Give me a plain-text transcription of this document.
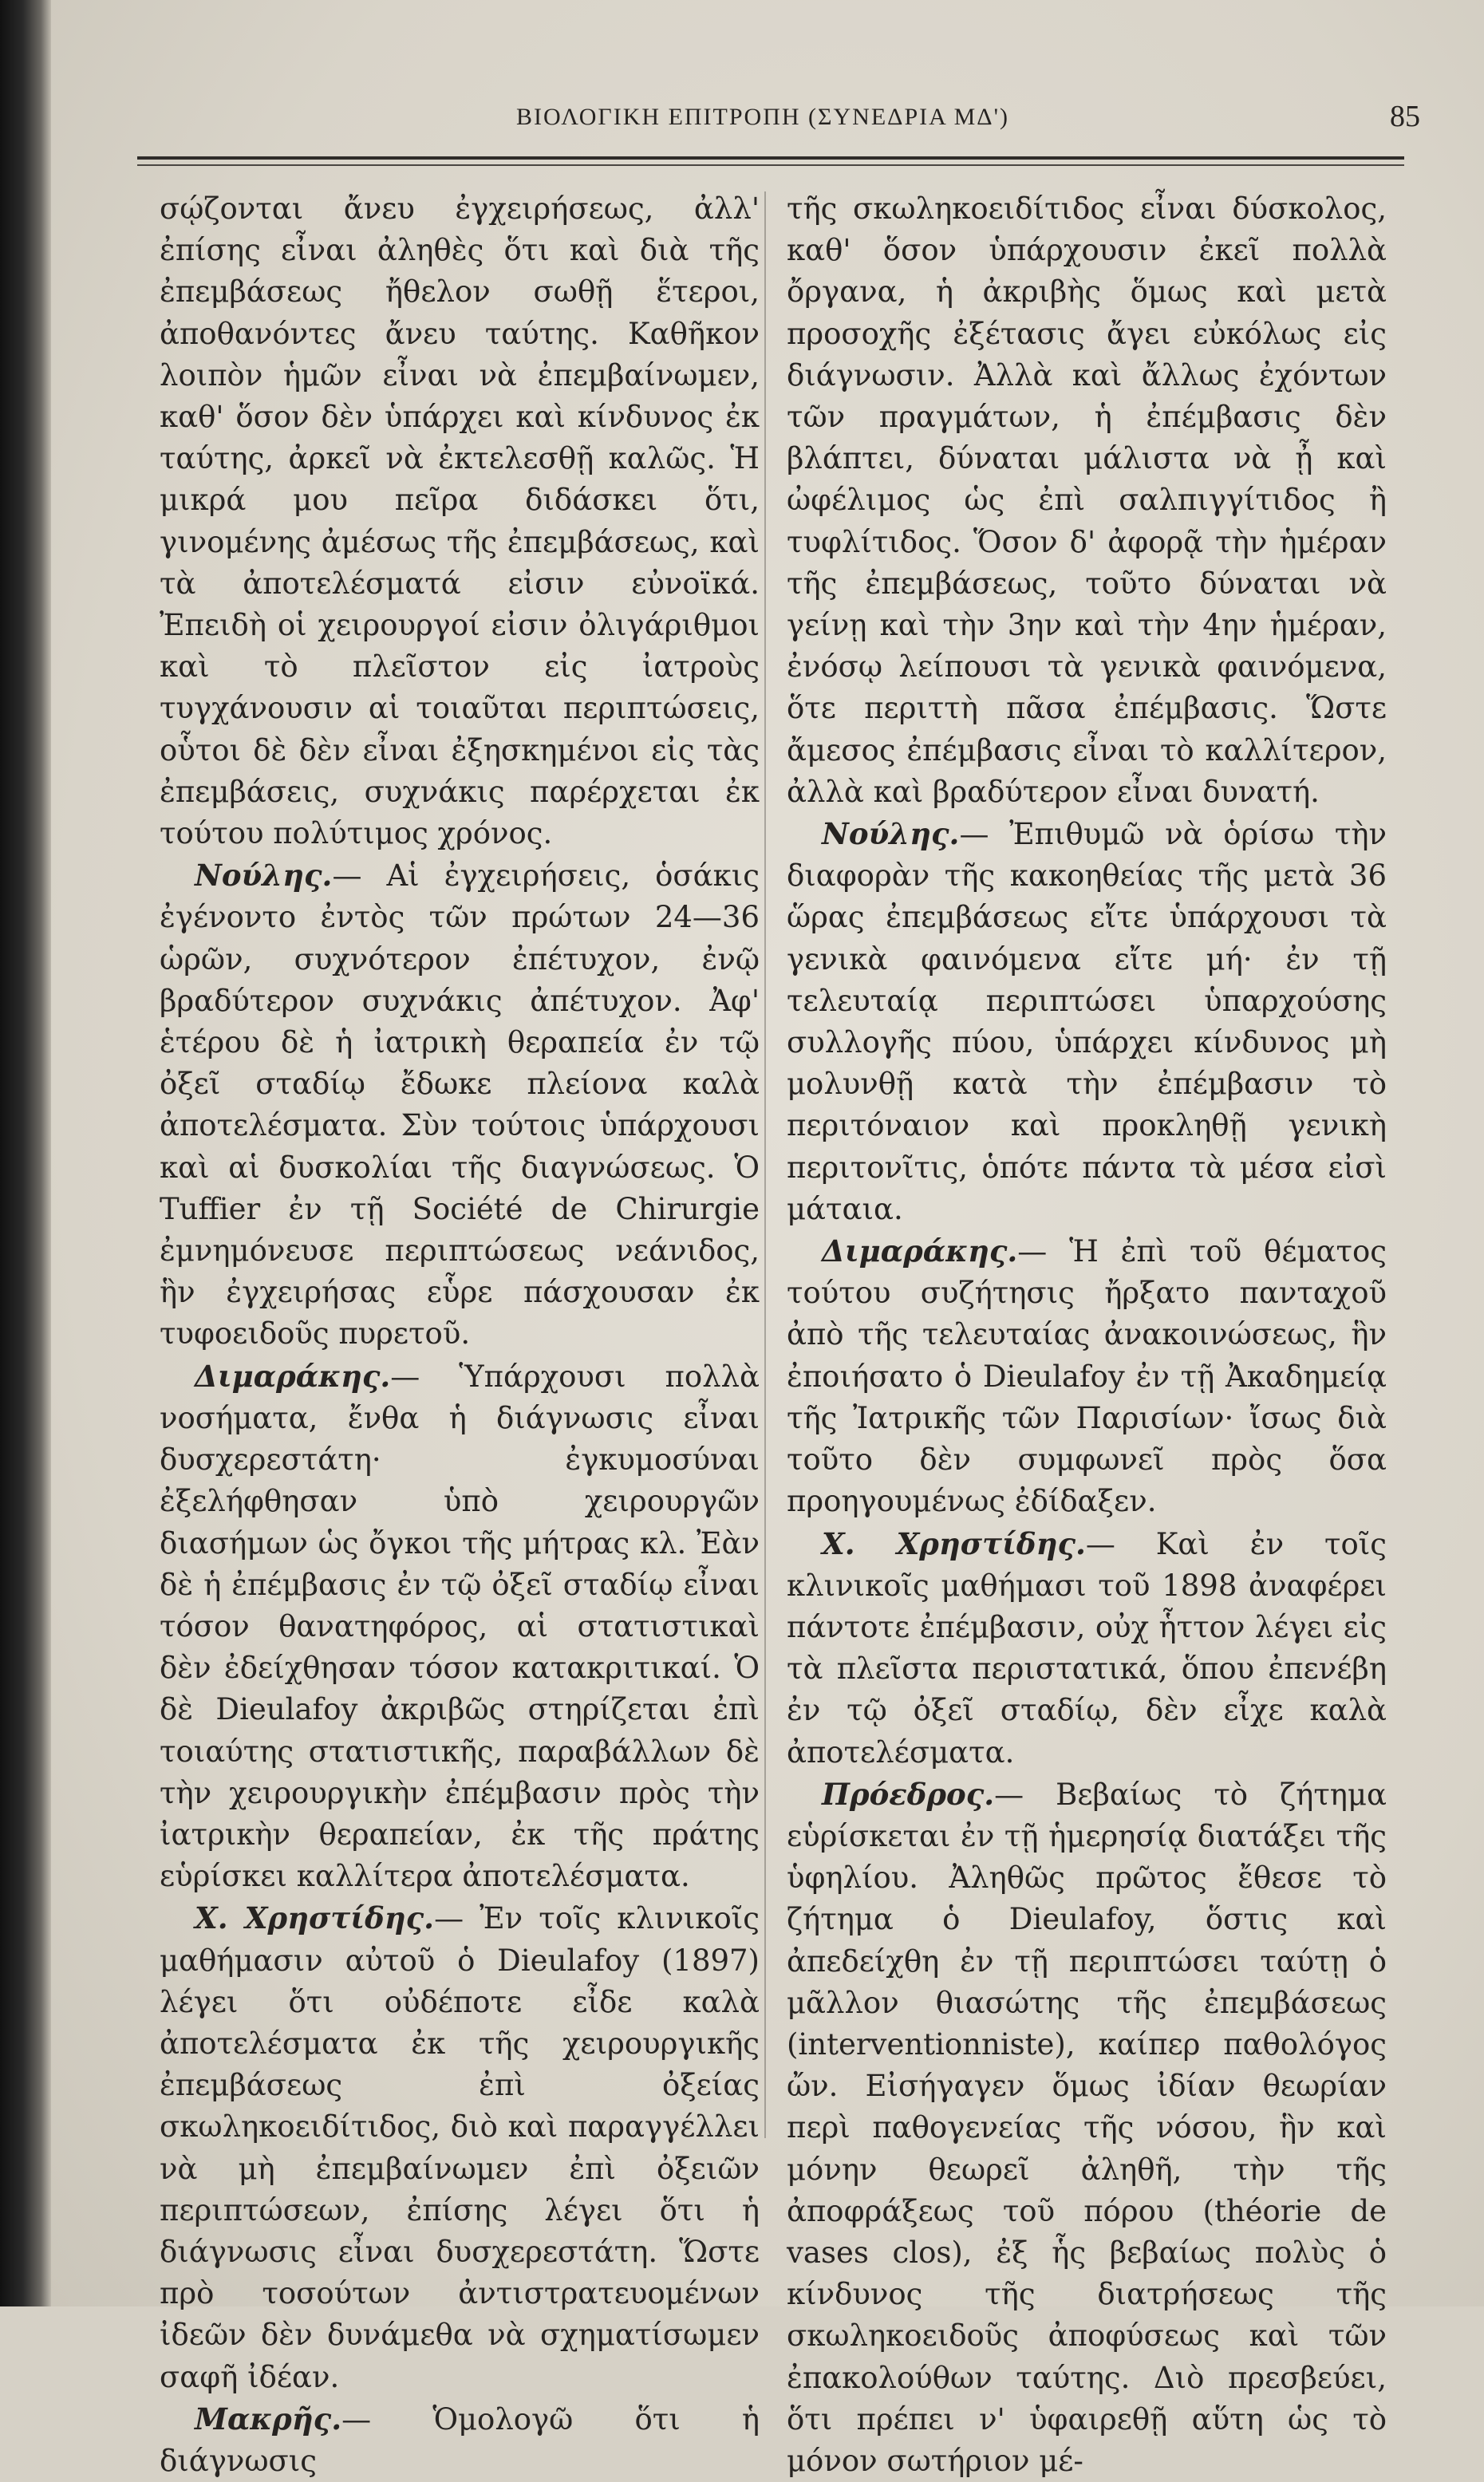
ΒΙΟΛΟΓΙΚΗ ΕΠΙΤΡΟΠΗ (ΣΥΝΕΔΡΙΑ ΜΔ')	85

σῴζονται ἄνευ ἐγχειρήσεως, ἀλλ' ἐπίσης εἶναι ἀληθὲς ὅτι καὶ διὰ τῆς ἐπεμβάσεως ἤθελον σωθῇ ἕτεροι, ἀποθανόντες ἄνευ ταύτης. Καθῆκον λοιπὸν ἡμῶν εἶναι νὰ ἐπεμβαίνωμεν, καθ' ὅσον δὲν ὑπάρχει καὶ κίνδυνος ἐκ ταύτης, ἀρκεῖ νὰ ἐκτελεσθῇ καλῶς. Ἡ μικρά μου πεῖρα διδάσκει ὅτι, γινομένης ἀμέσως τῆς ἐπεμβάσεως, καὶ τὰ ἀποτελέσματά εἰσιν εὐνοϊκά. Ἐπειδὴ οἱ χειρουργοί εἰσιν ὀλιγάριθμοι καὶ τὸ πλεῖστον εἰς ἰατροὺς τυγχάνουσιν αἱ τοιαῦται περιπτώσεις, οὗτοι δὲ δὲν εἶναι ἐξησκημένοι εἰς τὰς ἐπεμβάσεις, συχνάκις παρέρχεται ἐκ τούτου πολύτιμος χρόνος.

Νούλης.— Αἱ ἐγχειρήσεις, ὁσάκις ἐγένοντο ἐντὸς τῶν πρώτων 24—36 ὡρῶν, συχνότερον ἐπέτυχον, ἐνῷ βραδύτερον συχνάκις ἀπέτυχον. Ἀφ' ἑτέρου δὲ ἡ ἰατρικὴ θεραπεία ἐν τῷ ὀξεῖ σταδίῳ ἔδωκε πλείονα καλὰ ἀποτελέσματα. Σὺν τούτοις ὑπάρχουσι καὶ αἱ δυσκολίαι τῆς διαγνώσεως. Ὁ Tuffier ἐν τῇ Société de Chirurgie ἐμνημόνευσε περιπτώσεως νεάνιδος, ἣν ἐγχειρήσας εὗρε πάσχουσαν ἐκ τυφοειδοῦς πυρετοῦ.

Διμαράκης.— Ὑπάρχουσι πολλὰ νοσήματα, ἔνθα ἡ διάγνωσις εἶναι δυσχερεστάτη· ἐγκυμοσύναι ἐξελήφθησαν ὑπὸ χειρουργῶν διασήμων ὡς ὄγκοι τῆς μήτρας κλ. Ἐὰν δὲ ἡ ἐπέμβασις ἐν τῷ ὀξεῖ σταδίῳ εἶναι τόσον θανατηφόρος, αἱ στατιστικαὶ δὲν ἐδείχθησαν τόσον κατακριτικαί. Ὁ δὲ Dieulafoy ἀκριβῶς στηρίζεται ἐπὶ τοιαύτης στατιστικῆς, παραβάλλων δὲ τὴν χειρουργικὴν ἐπέμβασιν πρὸς τὴν ἰατρικὴν θεραπείαν, ἐκ τῆς πράτης εὑρίσκει καλλίτερα ἀποτελέσματα.

Χ. Χρηστίδης.— Ἐν τοῖς κλινικοῖς μαθήμασιν αὐτοῦ ὁ Dieulafoy (1897) λέγει ὅτι οὐδέποτε εἶδε καλὰ ἀποτελέσματα ἐκ τῆς χειρουργικῆς ἐπεμβάσεως ἐπὶ ὀξείας σκωληκοειδίτιδος, διὸ καὶ παραγγέλλει νὰ μὴ ἐπεμβαίνωμεν ἐπὶ ὀξειῶν περιπτώσεων, ἐπίσης λέγει ὅτι ἡ διάγνωσις εἶναι δυσχερεστάτη. Ὥστε πρὸ τοσούτων ἀντιστρατευομένων ἰδεῶν δὲν δυνάμεθα νὰ σχηματίσωμεν σαφῆ ἰδέαν.

Μακρῆς.— Ὁμολογῶ ὅτι ἡ διάγνωσις

τῆς σκωληκοειδίτιδος εἶναι δύσκολος, καθ' ὅσον ὑπάρχουσιν ἐκεῖ πολλὰ ὄργανα, ἡ ἀκριβὴς ὅμως καὶ μετὰ προσοχῆς ἐξέτασις ἄγει εὐκόλως εἰς διάγνωσιν. Ἀλλὰ καὶ ἄλλως ἐχόντων τῶν πραγμάτων, ἡ ἐπέμβασις δὲν βλάπτει, δύναται μάλιστα νὰ ᾖ καὶ ὠφέλιμος ὡς ἐπὶ σαλπιγγίτιδος ἢ τυφλίτιδος. Ὅσον δ' ἀφορᾷ τὴν ἡμέραν τῆς ἐπεμβάσεως, τοῦτο δύναται νὰ γείνῃ καὶ τὴν 3ην καὶ τὴν 4ην ἡμέραν, ἐνόσῳ λείπουσι τὰ γενικὰ φαινόμενα, ὅτε περιττὴ πᾶσα ἐπέμβασις. Ὥστε ἄμεσος ἐπέμβασις εἶναι τὸ καλλίτερον, ἀλλὰ καὶ βραδύτερον εἶναι δυνατή.

Νούλης.— Ἐπιθυμῶ νὰ ὁρίσω τὴν διαφορὰν τῆς κακοηθείας τῆς μετὰ 36 ὥρας ἐπεμβάσεως εἴτε ὑπάρχουσι τὰ γενικὰ φαινόμενα εἴτε μή· ἐν τῇ τελευταίᾳ περιπτώσει ὑπαρχούσης συλλογῆς πύου, ὑπάρχει κίνδυνος μὴ μολυνθῇ κατὰ τὴν ἐπέμβασιν τὸ περιτόναιον καὶ προκληθῇ γενικὴ περιτονῖτις, ὁπότε πάντα τὰ μέσα εἰσὶ μάταια.

Διμαράκης.— Ἡ ἐπὶ τοῦ θέματος τούτου συζήτησις ἤρξατο πανταχοῦ ἀπὸ τῆς τελευταίας ἀνακοινώσεως, ἣν ἐποιήσατο ὁ Dieulafoy ἐν τῇ Ἀκαδημείᾳ τῆς Ἰατρικῆς τῶν Παρισίων· ἴσως διὰ τοῦτο δὲν συμφωνεῖ πρὸς ὅσα προηγουμένως ἐδίδαξεν.

Χ. Χρηστίδης.— Καὶ ἐν τοῖς κλινικοῖς μαθήμασι τοῦ 1898 ἀναφέρει πάντοτε ἐπέμβασιν, οὐχ ἧττον λέγει εἰς τὰ πλεῖστα περιστατικά, ὅπου ἐπενέβη ἐν τῷ ὀξεῖ σταδίῳ, δὲν εἶχε καλὰ ἀποτελέσματα.

Πρόεδρος.— Βεβαίως τὸ ζήτημα εὑρίσκεται ἐν τῇ ἡμερησίᾳ διατάξει τῆς ὑφηλίου. Ἀληθῶς πρῶτος ἔθεσε τὸ ζήτημα ὁ Dieulafoy, ὅστις καὶ ἀπεδείχθη ἐν τῇ περιπτώσει ταύτῃ ὁ μᾶλλον θιασώτης τῆς ἐπεμβάσεως (interventionniste), καίπερ παθολόγος ὤν. Εἰσήγαγεν ὅμως ἰδίαν θεωρίαν περὶ παθογενείας τῆς νόσου, ἣν καὶ μόνην θεωρεῖ ἀληθῆ, τὴν τῆς ἀποφράξεως τοῦ πόρου (théorie de vases clos), ἐξ ἧς βεβαίως πολὺς ὁ κίνδυνος τῆς διατρήσεως τῆς σκωληκοειδοῦς ἀποφύσεως καὶ τῶν ἐπακολούθων ταύτης. Διὸ πρεσβεύει, ὅτι πρέπει ν' ὑφαιρεθῇ αὕτη ὡς τὸ μόνον σωτήριον μέ-
